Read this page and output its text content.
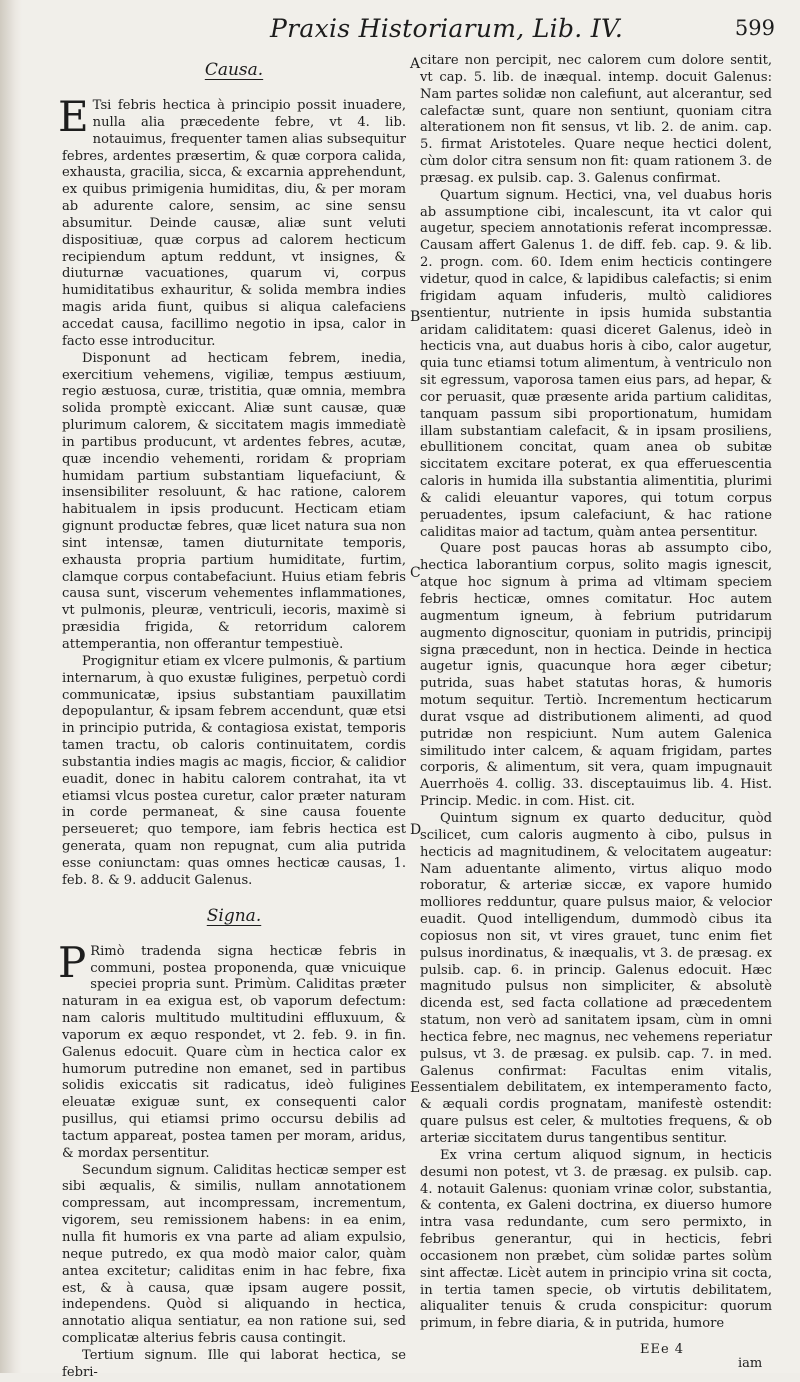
Praxis Historiarum, Lib. IV.	599
Causa.

E Tsi febris hectica à principio possit inuadere, nulla alia præcedente febre, vt 4. lib. notauimus, frequenter tamen alias subsequitur febres, ardentes præsertim, & quæ corpora calida, exhausta, gracilia, sicca, & excarnia apprehendunt, ex quibus primigenia humiditas, diu, & per moram ab adurente calore, sensim, ac sine sensu absumitur. Deinde causæ, aliæ sunt veluti dispositiuæ, quæ corpus ad calorem hecticum recipiendum aptum reddunt, vt insignes, & diuturnæ vacuationes, quarum vi, corpus humiditatibus exhauritur, & solida membra indies magis arida fiunt, quibus si aliqua calefaciens accedat causa, facillimo negotio in ipsa, calor in facto esse introducitur.

Disponunt ad hecticam febrem, inedia, exercitium vehemens, vigiliæ, tempus æstiuum, regio æstuosa, curæ, tristitia, quæ omnia, membra solida promptè exiccant. Aliæ sunt causæ, quæ plurimum calorem, & siccitatem magis immediatè in partibus producunt, vt ardentes febres, acutæ, quæ incendio vehementi, roridam & propriam humidam partium substantiam liquefaciunt, & insensibiliter resoluunt, & hac ratione, calorem habitualem in ipsis producunt. Hecticam etiam gignunt productæ febres, quæ licet natura sua non sint intensæ, tamen diuturnitate temporis, exhausta propria partium humiditate, furtim, clamque corpus contabefaciunt. Huius etiam febris causa sunt, viscerum vehementes inflammationes, vt pulmonis, pleuræ, ventriculi, iecoris, maximè si præsidia frigida, & retorridum calorem attemperantia, non offerantur tempestiuè.

Progignitur etiam ex vlcere pulmonis, & partium internarum, à quo exustæ fuligines, perpetuò cordi communicatæ, ipsius substantiam pauxillatim depopulantur, & ipsam febrem accendunt, quæ etsi in principio putrida, & contagiosa existat, temporis tamen tractu, ob caloris continuitatem, cordis substantia indies magis ac magis, ficcior, & calidior euadit, donec in habitu calorem contrahat, ita vt etiamsi vlcus postea curetur, calor præter naturam in corde permaneat, & sine causa fouente perseueret; quo tempore, iam febris hectica est generata, quam non repugnat, cum alia putrida esse coniunctam: quas omnes hecticæ causas, 1. feb. 8. & 9. adducit Galenus.

Signa.

P Rimò tradenda signa hecticæ febris in communi, postea proponenda, quæ vnicuique speciei propria sunt. Primùm. Caliditas præter naturam in ea exigua est, ob vaporum defectum: nam caloris multitudo multitudini effluxuum, & vaporum ex æquo respondet, vt 2. feb. 9. in fin. Galenus edocuit. Quare cùm in hectica calor ex humorum putredine non emanet, sed in partibus solidis exiccatis sit radicatus, ideò fuligines eleuatæ exiguæ sunt, ex consequenti calor pusillus, qui etiamsi primo occursu debilis ad tactum appareat, postea tamen per moram, aridus, & mordax persentitur.

Secundum signum. Caliditas hecticæ semper est sibi æqualis, & similis, nullam annotationem compressam, aut incompressam, incrementum, vigorem, seu remissionem habens: in ea enim, nulla fit humoris ex vna parte ad aliam expulsio, neque putredo, ex qua modò maior calor, quàm antea excitetur; caliditas enim in hac febre, fixa est, & à causa, quæ ipsam augere possit, independens. Quòd si aliquando in hectica, annotatio aliqua sentiatur, ea non ratione sui, sed complicatæ alterius febris causa contingit.

Tertium signum. Ille qui laborat hectica, se febri-

A
B
C
D
E

citare non percipit, nec calorem cum dolore sentit, vt cap. 5. lib. de inæqual. intemp. docuit Galenus: Nam partes solidæ non calefiunt, aut alcerantur, sed calefactæ sunt, quare non sentiunt, quoniam citra alterationem non fit sensus, vt lib. 2. de anim. cap. 5. firmat Aristoteles. Quare neque hectici dolent, cùm dolor citra sensum non fit: quam rationem 3. de præsag. ex pulsib. cap. 3. Galenus confirmat.

Quartum signum. Hectici, vna, vel duabus horis ab assumptione cibi, incalescunt, ita vt calor qui augetur, speciem annotationis referat incompressæ. Causam affert Galenus 1. de diff. feb. cap. 9. & lib. 2. progn. com. 60. Idem enim hecticis contingere videtur, quod in calce, & lapidibus calefactis; si enim frigidam aquam infuderis, multò calidiores sentientur, nutriente in ipsis humida substantia aridam caliditatem: quasi diceret Galenus, ideò in hecticis vna, aut duabus horis à cibo, calor augetur, quia tunc etiamsi totum alimentum, à ventriculo non sit egressum, vaporosa tamen eius pars, ad hepar, & cor peruasit, quæ præsente arida partium caliditas, tanquam passum sibi proportionatum, humidam illam substantiam calefacit, & in ipsam prosiliens, ebullitionem concitat, quam anea ob subitæ siccitatem excitare poterat, ex qua efferuescentia caloris in humida illa substantia alimentitia, plurimi & calidi eleuantur vapores, qui totum corpus peruadentes, ipsum calefaciunt, & hac ratione caliditas maior ad tactum, quàm antea persentitur.

Quare post paucas horas ab assumpto cibo, hectica laborantium corpus, solito magis ignescit, atque hoc signum à prima ad vltimam speciem febris hecticæ, omnes comitatur. Hoc autem augmentum igneum, à febrium putridarum augmento dignoscitur, quoniam in putridis, principij signa præcedunt, non in hectica. Deinde in hectica augetur ignis, quacunque hora æger cibetur; putrida, suas habet statutas horas, & humoris motum sequitur. Tertiò. Incrementum hecticarum durat vsque ad distributionem alimenti, ad quod putridæ non respiciunt. Num autem Galenica similitudo inter calcem, & aquam frigidam, partes corporis, & alimentum, sit vera, quam impugnauit Auerrhoës 4. collig. 33. disceptauimus lib. 4. Hist. Princip. Medic. in com. Hist. cit.

Quintum signum ex quarto deducitur, quòd scilicet, cum caloris augmento à cibo, pulsus in hecticis ad magnitudinem, & velocitatem augeatur: Nam aduentante alimento, virtus aliquo modo roboratur, & arteriæ siccæ, ex vapore humido molliores redduntur, quare pulsus maior, & velocior euadit. Quod intelligendum, dummodò cibus ita copiosus non sit, vt vires grauet, tunc enim fiet pulsus inordinatus, & inæqualis, vt 3. de præsag. ex pulsib. cap. 6. in princip. Galenus edocuit. Hæc magnitudo pulsus non simpliciter, & absolutè dicenda est, sed facta collatione ad præcedentem statum, non verò ad sanitatem ipsam, cùm in omni hectica febre, nec magnus, nec vehemens reperiatur pulsus, vt 3. de præsag. ex pulsib. cap. 7. in med. Galenus confirmat: Facultas enim vitalis, essentialem debilitatem, ex intemperamento facto, & æquali cordis prognatam, manifestè ostendit: quare pulsus est celer, & multoties frequens, & ob arteriæ siccitatem durus tangentibus sentitur.

Ex vrina certum aliquod signum, in hecticis desumi non potest, vt 3. de præsag. ex pulsib. cap. 4. notauit Galenus: quoniam vrinæ color, substantia, & contenta, ex Galeni doctrina, ex diuerso humore intra vasa redundante, cum sero permixto, in febribus generantur, qui in hecticis, febri occasionem non præbet, cùm solidæ partes solùm sint affectæ. Licèt autem in principio vrina sit cocta, in tertia tamen specie, ob virtutis debilitatem, aliqualiter tenuis & cruda conspicitur: quorum primum, in febre diaria, & in putrida, humore

EEe 4
iam
